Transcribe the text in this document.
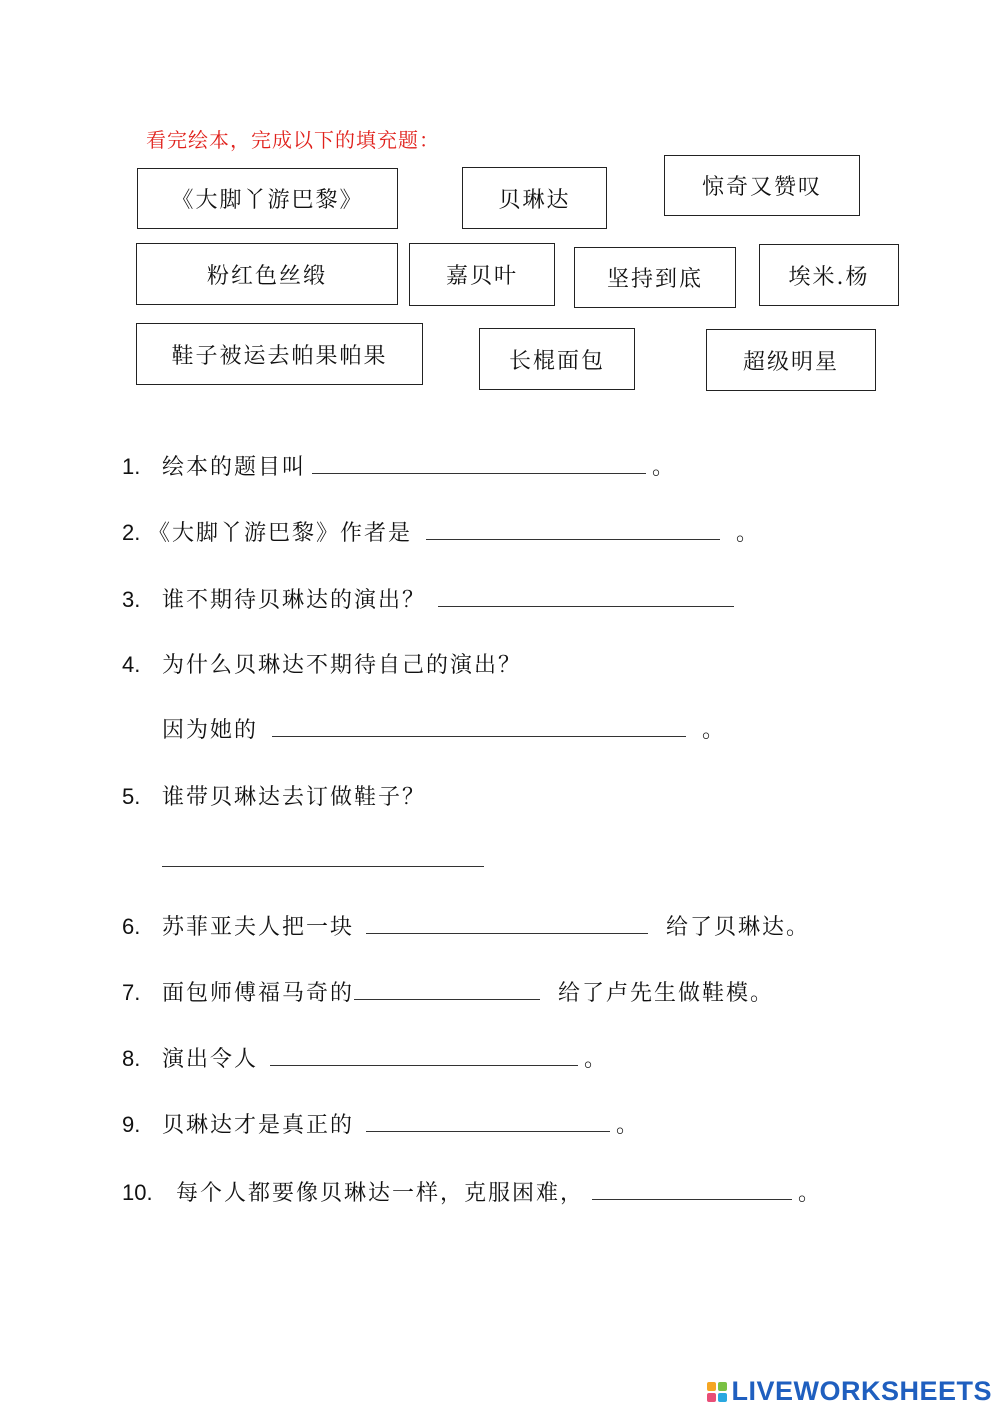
看完绘本，完成以下的填充题：
《大脚丫游巴黎》	贝琳达	惊奇又赞叹
粉红色丝缎	嘉贝叶	坚持到底	埃米.杨
鞋子被运去帕果帕果	长棍面包	超级明星
1. 绘本的题目叫	。
2. 《大脚丫游巴黎》作者是	。
3. 谁不期待贝琳达的演出？
4. 为什么贝琳达不期待自己的演出？
因为她的	。
5. 谁带贝琳达去订做鞋子？
6. 苏菲亚夫人把一块	给了贝琳达。
7. 面包师傅福马奇的	给了卢先生做鞋模。
8. 演出令人	。
9. 贝琳达才是真正的	。
10.	每个人都要像贝琳达一样，克服困难，	。
LIVEWORKSHEETS
